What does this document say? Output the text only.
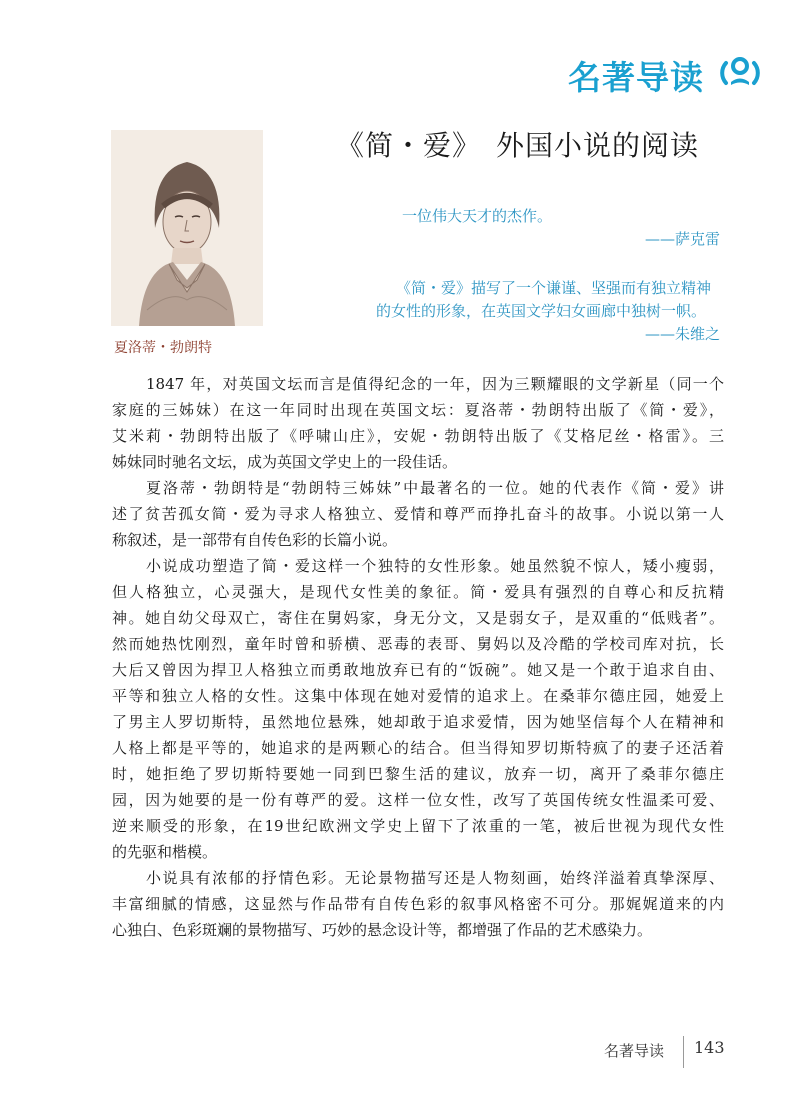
名著导读
夏洛蒂・勃朗特
《简・爱》　外国小说的阅读
一位伟大天才的杰作。
——萨克雷
《简・爱》描写了一个谦谨、坚强而有独立精神
的女性的形象，在英国文学妇女画廊中独树一帜。
——朱维之
1847 年，对英国文坛而言是值得纪念的一年，因为三颗耀眼的文学新星（同一个
家庭的三姊妹）在这一年同时出现在英国文坛：夏洛蒂・勃朗特出版了《简・爱》，
艾米莉・勃朗特出版了《呼啸山庄》，安妮・勃朗特出版了《艾格尼丝・格雷》。三
姊妹同时驰名文坛，成为英国文学史上的一段佳话。
夏洛蒂・勃朗特是“勃朗特三姊妹”中最著名的一位。她的代表作《简・爱》讲
述了贫苦孤女简・爱为寻求人格独立、爱情和尊严而挣扎奋斗的故事。小说以第一人
称叙述，是一部带有自传色彩的长篇小说。
小说成功塑造了简・爱这样一个独特的女性形象。她虽然貌不惊人，矮小瘦弱，
但人格独立，心灵强大，是现代女性美的象征。简・爱具有强烈的自尊心和反抗精
神。她自幼父母双亡，寄住在舅妈家，身无分文，又是弱女子，是双重的“低贱者”。
然而她热忱刚烈，童年时曾和骄横、恶毒的表哥、舅妈以及冷酷的学校司库对抗，长
大后又曾因为捍卫人格独立而勇敢地放弃已有的“饭碗”。她又是一个敢于追求自由、
平等和独立人格的女性。这集中体现在她对爱情的追求上。在桑菲尔德庄园，她爱上
了男主人罗切斯特，虽然地位悬殊，她却敢于追求爱情，因为她坚信每个人在精神和
人格上都是平等的，她追求的是两颗心的结合。但当得知罗切斯特疯了的妻子还活着
时，她拒绝了罗切斯特要她一同到巴黎生活的建议，放弃一切，离开了桑菲尔德庄
园，因为她要的是一份有尊严的爱。这样一位女性，改写了英国传统女性温柔可爱、
逆来顺受的形象，在19世纪欧洲文学史上留下了浓重的一笔，被后世视为现代女性
的先驱和楷模。
小说具有浓郁的抒情色彩。无论景物描写还是人物刻画，始终洋溢着真挚深厚、
丰富细腻的情感，这显然与作品带有自传色彩的叙事风格密不可分。那娓娓道来的内
心独白、色彩斑斓的景物描写、巧妙的悬念设计等，都增强了作品的艺术感染力。
名著导读 143
